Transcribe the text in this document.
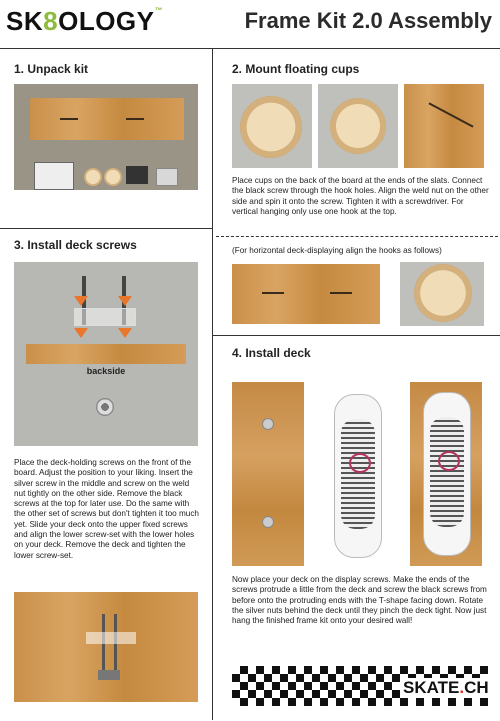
SK8OLOGY™	Frame Kit 2.0 Assembly
1. Unpack kit	2. Mount floating cups
Place cups on the back of the board at the ends of the slats. Connect the black screw through the hook holes. Align the weld nut on the other side and spin it onto the screw. Tighten it with a screwdriver. For vertical hanging only use one hook at the top.
(For horizontal deck-displaying align the hooks as follows)
3. Install deck screws
backside
Place the deck-holding screws on the front of the board. Adjust the position to your liking. Insert the silver screw in the middle and screw on the weld nut tightly on the other side. Remove the black screws at the top for later use. Do the same with the other set of screws but don't tighten it too much yet. Slide your deck onto the upper fixed screws and align the lower screw-set with the lower holes on your deck. Remove the deck and tighten the lower screw-set.
4. Install deck
Now place your deck on the display screws. Make the ends of the screws protrude a little from the deck and screw the black screws from before onto the protruding ends with the T-shape facing down. Rotate the silver nuts behind the deck until they pinch the deck tight. Now just hang the finished frame kit onto your desired wall!
SKATE.CH
